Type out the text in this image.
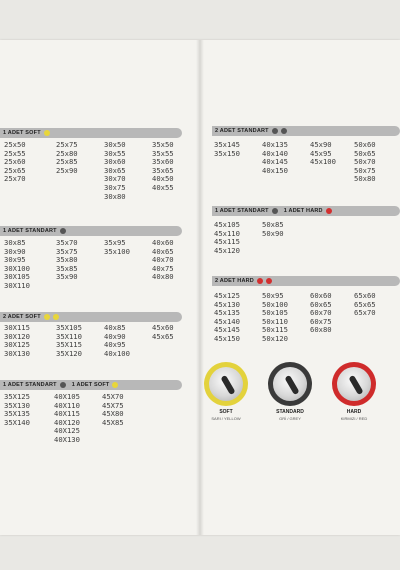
1 ADET SOFT
25x50
25x55
25x60
25x65
25x70
25x75
25x80
25x85
25x90
30x50
30x55
30x60
30x65
30x70
30x75
30x80
35x50
35x55
35x60
35x65
40x50
40x55
1 ADET STANDART
30x85
30x90
30x95
30X100
30X105
30X110
35x70
35x75
35x80
35x85
35x90
35x95
35x100
40x60
40x65
40x70
40x75
40x80
2 ADET SOFT
30X115
30X120
30X125
30X130
35X105
35X110
35X115
35X120
40x85
40x90
40x95
40x100
45x60
45x65
1 ADET STANDART	1 ADET SOFT
35X125
35X130
35X135
35X140
40X105
40X110
40X115
40X120
40X125
40X130
45X70
45X75
45X80
45X85
2 ADET STANDART
35x145
35x150
40x135
40x140
40x145
40x150
45x90
45x95
45x100
50x60
50x65
50x70
50x75
50x80
1 ADET STANDART	1 ADET HARD
45x105
45x110
45x115
45x120
50x85
50x90
2 ADET HARD
45x125
45x130
45x135
45x140
45x145
45x150
50x95
50x100
50x105
50x110
50x115
50x120
60x60
60x65
60x70
60x75
60x80
65x60
65x65
65x70
SOFT
SARI / YELLOW
STANDARD
GRİ / GREY
HARD
KIRMIZI / RED
